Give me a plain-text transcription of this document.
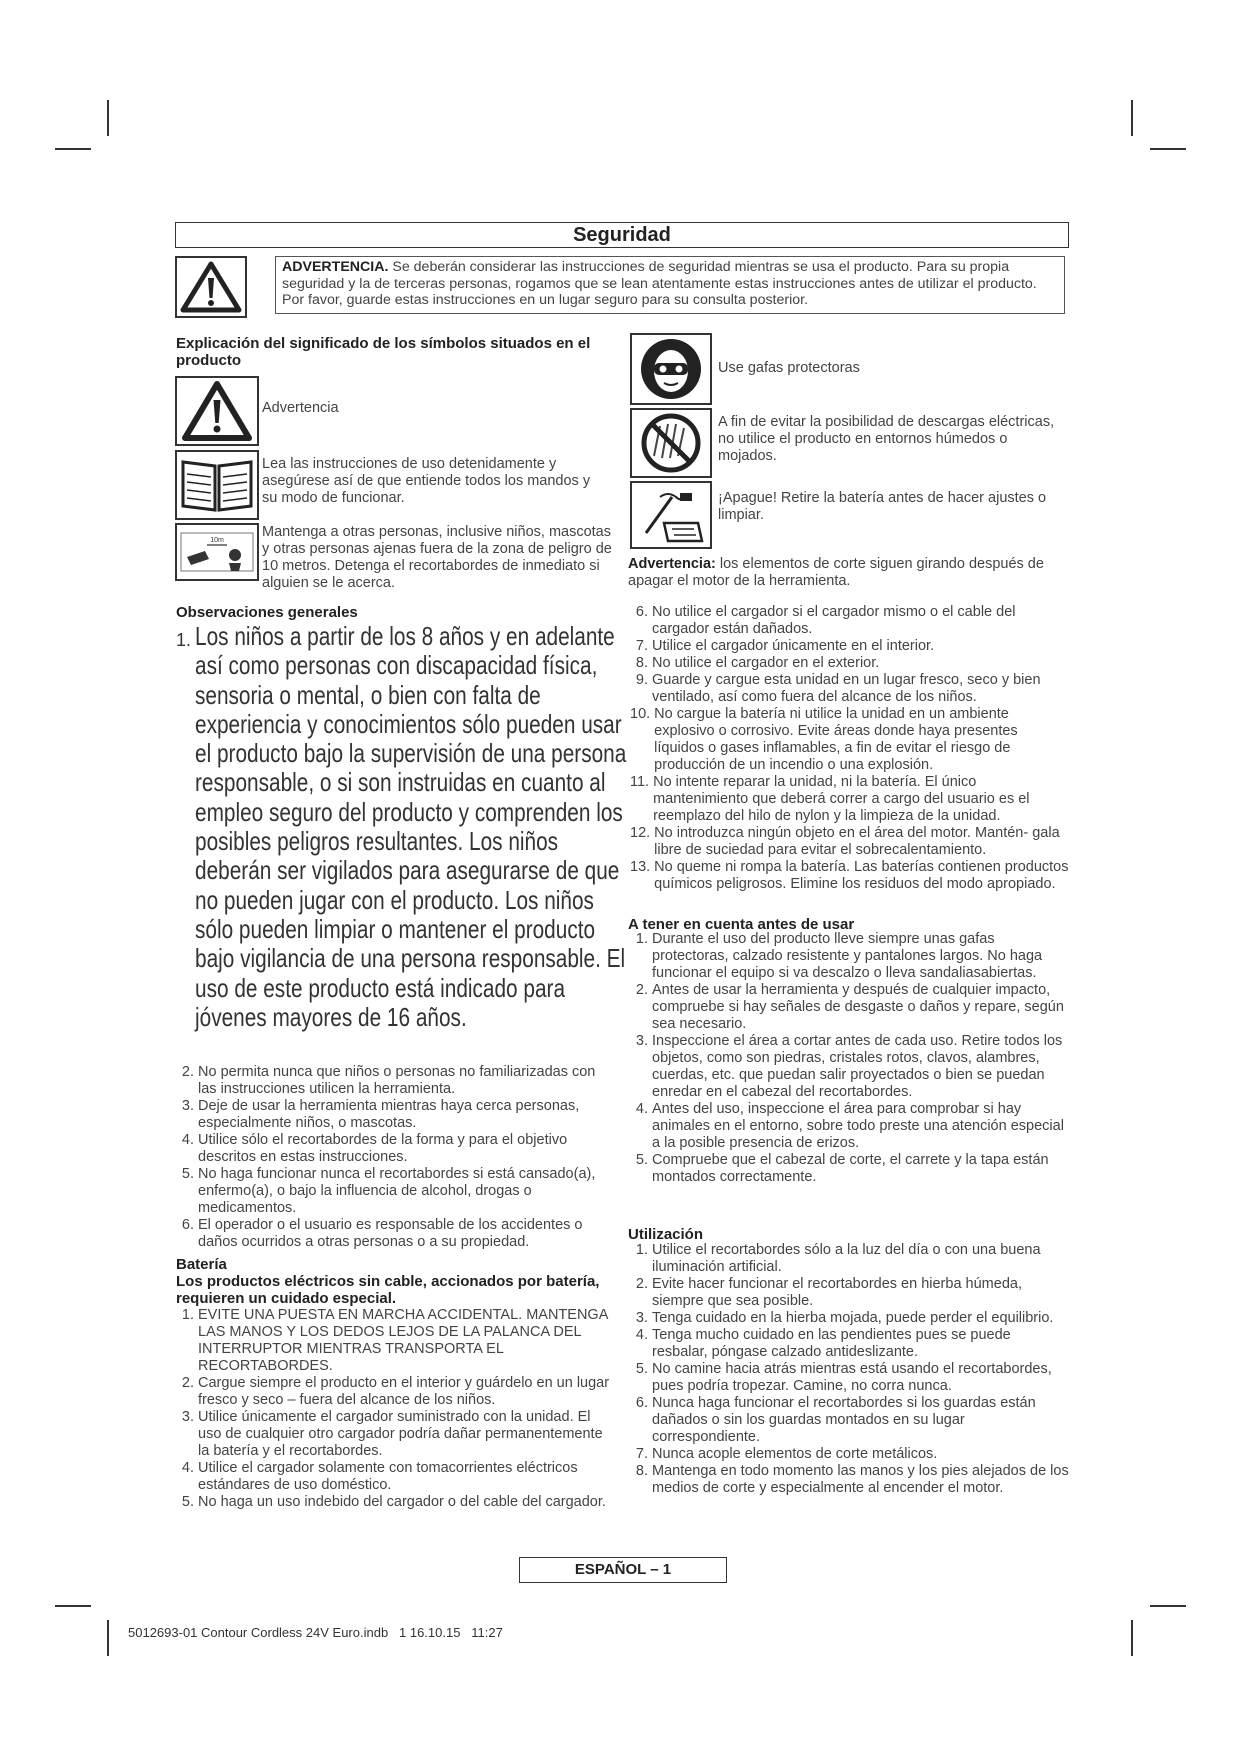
Seguridad
ADVERTENCIA. Se deberán considerar las instrucciones de seguridad mientras se usa el producto. Para su propia seguridad y la de terceras personas, rogamos que se lean atentamente estas instrucciones antes de utilizar el producto. Por favor, guarde estas instrucciones en un lugar seguro para su consulta posterior.
Explicación del significado de los símbolos situados en el producto
Advertencia
Lea las instrucciones de uso detenidamente y asegúrese así de que entiende todos los mandos y su modo de funcionar.
10m
Mantenga a otras personas, inclusive niños, mascotas y otras personas ajenas fuera de la zona de peligro de 10 metros. Detenga el recortabordes de inmediato si alguien se le acerca.
Use gafas protectoras
A fin de evitar la posibilidad de descargas eléctricas, no utilice el producto en entornos húmedos o mojados.
¡Apague! Retire la batería antes de hacer ajustes o limpiar.
Advertencia: los elementos de corte siguen girando después de apagar el motor de la herramienta.
Observaciones generales
1. Los niños a partir de los 8 años y en adelante así como personas con discapacidad física, sensoria o mental, o bien con falta de experiencia y conocimientos sólo pueden usar el producto bajo la supervisión de una persona responsable, o si son instruidas en cuanto al empleo seguro del producto y comprenden los posibles peligros resultantes. Los niños deberán ser vigilados para asegurarse de que no pueden jugar con el producto. Los niños sólo pueden limpiar o mantener el producto bajo vigilancia de una persona responsable. El uso de este producto está indicado para jóvenes mayores de 16 años.
2. No permita nunca que niños o personas no familiarizadas con las instrucciones utilicen la herramienta.
3. Deje de usar la herramienta mientras haya cerca personas, especialmente niños, o mascotas.
4. Utilice sólo el recortabordes de la forma y para el objetivo descritos en estas instrucciones.
5. No haga funcionar nunca el recortabordes si está cansado(a), enfermo(a), o bajo la influencia de alcohol, drogas o medicamentos.
6. El operador o el usuario es responsable de los accidentes o daños ocurridos a otras personas o a su propiedad.
Batería
Los productos eléctricos sin cable, accionados por batería, requieren un cuidado especial.
1. EVITE UNA PUESTA EN MARCHA ACCIDENTAL. MANTENGA LAS MANOS Y LOS DEDOS LEJOS DE LA PALANCA DEL INTERRUPTOR MIENTRAS TRANSPORTA EL RECORTABORDES.
2. Cargue siempre el producto en el interior y guárdelo en un lugar fresco y seco – fuera del alcance de los niños.
3. Utilice únicamente el cargador suministrado con la unidad. El uso de cualquier otro cargador podría dañar permanentemente la batería y el recortabordes.
4. Utilice el cargador solamente con tomacorrientes eléctricos estándares de uso doméstico.
5. No haga un uso indebido del cargador o del cable del cargador.
6. No utilice el cargador si el cargador mismo o el cable del cargador están dañados.
7. Utilice el cargador únicamente en el interior.
8. No utilice el cargador en el exterior.
9. Guarde y cargue esta unidad en un lugar fresco, seco y bien ventilado, así como fuera del alcance de los niños.
10. No cargue la batería ni utilice la unidad en un ambiente explosivo o corrosivo. Evite áreas donde haya presentes líquidos o gases inflamables, a fin de evitar el riesgo de producción de un incendio o una explosión.
11. No intente reparar la unidad, ni la batería. El único mantenimiento que deberá correr a cargo del usuario es el reemplazo del hilo de nylon y la limpieza de la unidad.
12. No introduzca ningún objeto en el área del motor. Mantén- gala libre de suciedad para evitar el sobrecalentamiento.
13. No queme ni rompa la batería. Las baterías contienen productos químicos peligrosos. Elimine los residuos del modo apropiado.
A tener en cuenta antes de usar
1. Durante el uso del producto lleve siempre unas gafas protectoras, calzado resistente y pantalones largos. No haga funcionar el equipo si va descalzo o lleva sandaliasabiertas.
2. Antes de usar la herramienta y después de cualquier impacto, compruebe si hay señales de desgaste o daños y repare, según sea necesario.
3. Inspeccione el área a cortar antes de cada uso. Retire todos los objetos, como son piedras, cristales rotos, clavos, alambres, cuerdas, etc. que puedan salir proyectados o bien se puedan enredar en el cabezal del recortabordes.
4. Antes del uso, inspeccione el área para comprobar si hay animales en el entorno, sobre todo preste una atención especial a la posible presencia de erizos.
5. Compruebe que el cabezal de corte, el carrete y la tapa están montados correctamente.
Utilización
1. Utilice el recortabordes sólo a la luz del día o con una buena iluminación artificial.
2. Evite hacer funcionar el recortabordes en hierba húmeda, siempre que sea posible.
3. Tenga cuidado en la hierba mojada, puede perder el equilibrio.
4. Tenga mucho cuidado en las pendientes pues se puede resbalar, póngase calzado antideslizante.
5. No camine hacia atrás mientras está usando el recortabordes, pues podría tropezar. Camine, no corra nunca.
6. Nunca haga funcionar el recortabordes si los guardas están dañados o sin los guardas montados en su lugar correspondiente.
7. Nunca acople elementos de corte metálicos.
8. Mantenga en todo momento las manos y los pies alejados de los medios de corte y especialmente al encender el motor.
ESPAÑOL – 1
5012693-01 Contour Cordless 24V Euro.indb   1 16.10.15   11:27
